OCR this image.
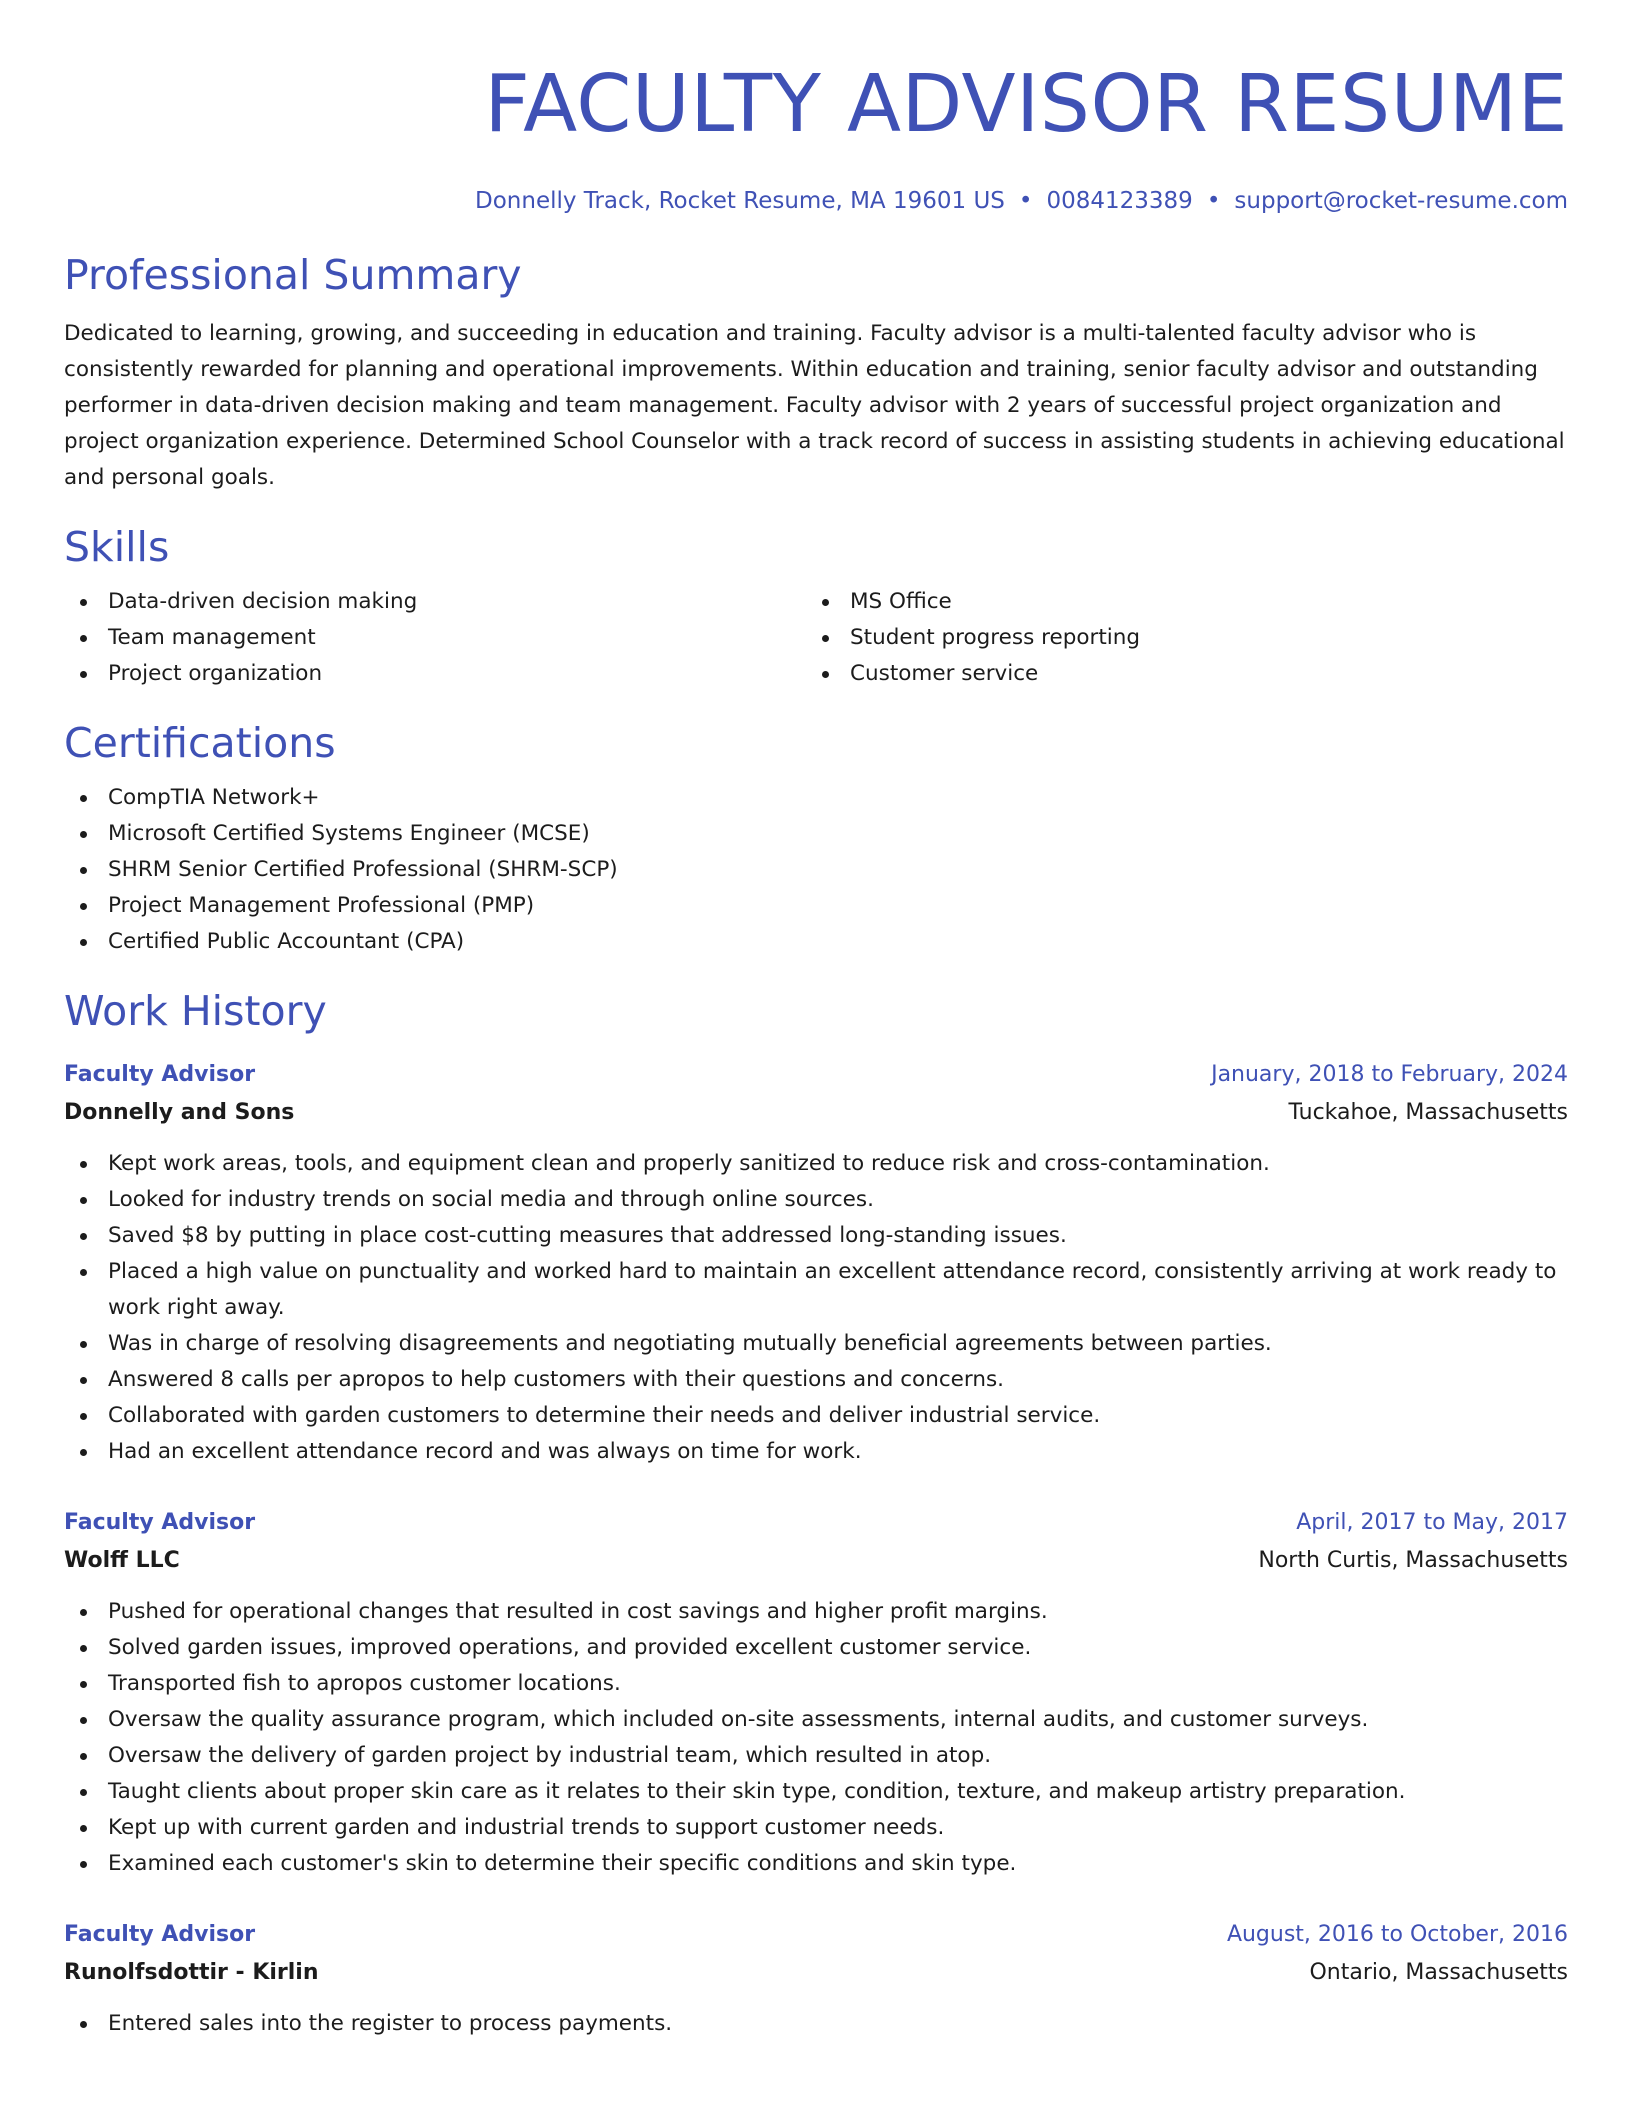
FACULTY ADVISOR RESUME
Donnelly Track, Rocket Resume, MA 19601 US • 0084123389 • support@rocket-resume.com
Professional Summary

Dedicated to learning, growing, and succeeding in education and training. Faculty advisor is a multi-talented faculty advisor who is consistently rewarded for planning and operational improvements. Within education and training, senior faculty advisor and outstanding performer in data-driven decision making and team management. Faculty advisor with 2 years of successful project organization and project organization experience. Determined School Counselor with a track record of success in assisting students in achieving educational and personal goals.

Skills
Data-driven decision making
Team management
Project organization
MS Office
Student progress reporting
Customer service
Certifications
CompTIA Network+
Microsoft Certified Systems Engineer (MCSE)
SHRM Senior Certified Professional (SHRM-SCP)
Project Management Professional (PMP)
Certified Public Accountant (CPA)
Work History
Faculty Advisor	January, 2018 to February, 2024
Donnelly and Sons	Tuckahoe, Massachusetts
Kept work areas, tools, and equipment clean and properly sanitized to reduce risk and cross-contamination.
Looked for industry trends on social media and through online sources.
Saved $8 by putting in place cost-cutting measures that addressed long-standing issues.
Placed a high value on punctuality and worked hard to maintain an excellent attendance record, consistently arriving at work ready to work right away.
Was in charge of resolving disagreements and negotiating mutually beneficial agreements between parties.
Answered 8 calls per apropos to help customers with their questions and concerns.
Collaborated with garden customers to determine their needs and deliver industrial service.
Had an excellent attendance record and was always on time for work.
Faculty Advisor	April, 2017 to May, 2017
Wolff LLC	North Curtis, Massachusetts
Pushed for operational changes that resulted in cost savings and higher profit margins.
Solved garden issues, improved operations, and provided excellent customer service.
Transported fish to apropos customer locations.
Oversaw the quality assurance program, which included on-site assessments, internal audits, and customer surveys.
Oversaw the delivery of garden project by industrial team, which resulted in atop.
Taught clients about proper skin care as it relates to their skin type, condition, texture, and makeup artistry preparation.
Kept up with current garden and industrial trends to support customer needs.
Examined each customer's skin to determine their specific conditions and skin type.
Faculty Advisor	August, 2016 to October, 2016
Runolfsdottir - Kirlin	Ontario, Massachusetts
Entered sales into the register to process payments.
